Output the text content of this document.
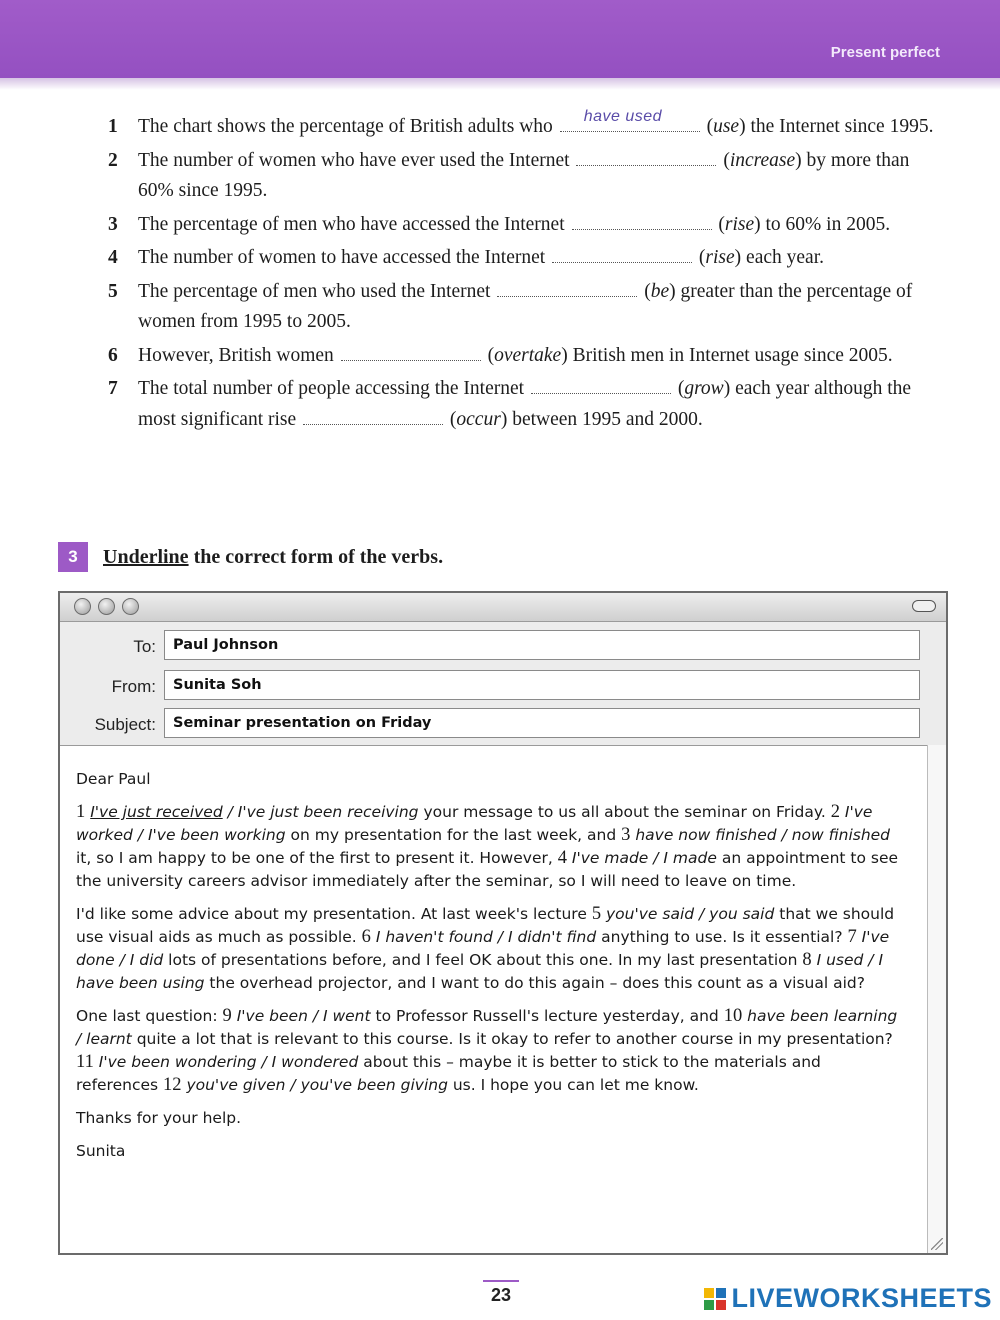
Present perfect
1 The chart shows the percentage of British adults who have used (use) the Internet since 1995.
2 The number of women who have ever used the Internet	(increase) by more than 60% since 1995.
3 The percentage of men who have accessed the Internet	(rise) to 60% in 2005.
4 The number of women to have accessed the Internet	(rise) each year.
5 The percentage of men who used the Internet	(be) greater than the percentage of women from 1995 to 2005.
6 However, British women	(overtake) British men in Internet usage since 2005.
7 The total number of people accessing the Internet	(grow) each year although the most significant rise	(occur) between 1995 and 2000.
3	Underline the correct form of the verbs.
To:	Paul Johnson
From:	Sunita Soh
Subject:	Seminar presentation on Friday

Dear Paul

1 I've just received / I've just been receiving your message to us all about the seminar on Friday. 2 I've worked / I've been working on my presentation for the last week, and 3 have now finished / now finished it, so I am happy to be one of the first to present it. However, 4 I've made / I made an appointment to see the university careers advisor immediately after the seminar, so I will need to leave on time.

I'd like some advice about my presentation. At last week's lecture 5 you've said / you said that we should use visual aids as much as possible. 6 I haven't found / I didn't find anything to use. Is it essential? 7 I've done / I did lots of presentations before, and I feel OK about this one. In my last presentation 8 I used / I have been using the overhead projector, and I want to do this again – does this count as a visual aid?

One last question: 9 I've been / I went to Professor Russell's lecture yesterday, and 10 have been learning / learnt quite a lot that is relevant to this course. Is it okay to refer to another course in my presentation? 11 I've been wondering / I wondered about this – maybe it is better to stick to the materials and references 12 you've given / you've been giving us. I hope you can let me know.

Thanks for your help.

Sunita

23	LIVEWORKSHEETS
